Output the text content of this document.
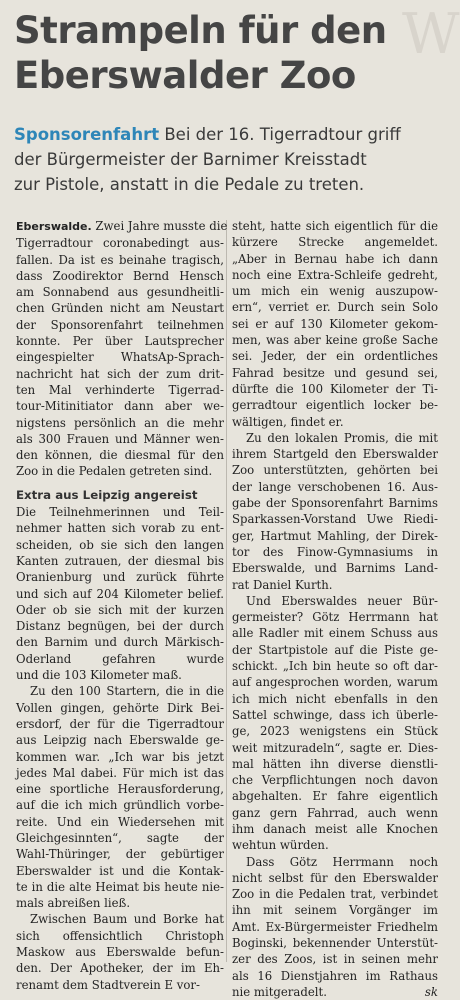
W
Strampeln für den
Eberswalder Zoo
Sponsorenfahrt Bei der 16. Tigerradtour griff
der Bürgermeister der Barnimer Kreisstadt
zur Pistole, anstatt in die Pedale zu treten.
Eberswalde. Zwei Jahre musste die
Tigerradtour coronabedingt aus-
fallen. Da ist es beinahe tragisch,
dass Zoodirektor Bernd Hensch
am Sonnabend aus gesundheitli-
chen Gründen nicht am Neustart
der Sponsorenfahrt teilnehmen
konnte. Per über Lautsprecher
eingespielter WhatsAp-Sprach-
nachricht hat sich der zum drit-
ten Mal verhinderte Tigerrad-
tour-Mitinitiator dann aber we-
nigstens persönlich an die mehr
als 300 Frauen und Männer wen-
den können, die diesmal für den
Zoo in die Pedalen getreten sind.
Extra aus Leipzig angereist
Die Teilnehmerinnen und Teil-
nehmer hatten sich vorab zu ent-
scheiden, ob sie sich den langen
Kanten zutrauen, der diesmal bis
Oranienburg und zurück führte
und sich auf 204 Kilometer belief.
Oder ob sie sich mit der kurzen
Distanz begnügen, bei der durch
den Barnim und durch Märkisch-
Oderland gefahren wurde
und die 103 Kilometer maß.
Zu den 100 Startern, die in die
Vollen gingen, gehörte Dirk Bei-
ersdorf, der für die Tigerradtour
aus Leipzig nach Eberswalde ge-
kommen war. „Ich war bis jetzt
jedes Mal dabei. Für mich ist das
eine sportliche Herausforderung,
auf die ich mich gründlich vorbe-
reite. Und ein Wiedersehen mit
Gleichgesinnten“, sagte der
Wahl-Thüringer, der gebürtiger
Eberswalder ist und die Kontak-
te in die alte Heimat bis heute nie-
mals abreißen ließ.
Zwischen Baum und Borke hat
sich offensichtlich Christoph
Maskow aus Eberswalde befun-
den. Der Apotheker, der im Eh-
renamt dem Stadtverein E vor-
steht, hatte sich eigentlich für die
kürzere Strecke angemeldet.
„Aber in Bernau habe ich dann
noch eine Extra-Schleife gedreht,
um mich ein wenig auszupow-
ern“, verriet er. Durch sein Solo
sei er auf 130 Kilometer gekom-
men, was aber keine große Sache
sei. Jeder, der ein ordentliches
Fahrad besitze und gesund sei,
dürfte die 100 Kilometer der Ti-
gerradtour eigentlich locker be-
wältigen, findet er.
Zu den lokalen Promis, die mit
ihrem Startgeld den Eberswalder
Zoo unterstützten, gehörten bei
der lange verschobenen 16. Aus-
gabe der Sponsorenfahrt Barnims
Sparkassen-Vorstand Uwe Riedi-
ger, Hartmut Mahling, der Direk-
tor des Finow-Gymnasiums in
Eberswalde, und Barnims Land-
rat Daniel Kurth.
Und Eberswaldes neuer Bür-
germeister? Götz Herrmann hat
alle Radler mit einem Schuss aus
der Startpistole auf die Piste ge-
schickt. „Ich bin heute so oft dar-
auf angesprochen worden, warum
ich mich nicht ebenfalls in den
Sattel schwinge, dass ich überle-
ge, 2023 wenigstens ein Stück
weit mitzuradeln“, sagte er. Dies-
mal hätten ihn diverse dienstli-
che Verpflichtungen noch davon
abgehalten. Er fahre eigentlich
ganz gern Fahrrad, auch wenn
ihm danach meist alle Knochen
wehtun würden.
Dass Götz Herrmann noch
nicht selbst für den Eberswalder
Zoo in die Pedalen trat, verbindet
ihn mit seinem Vorgänger im
Amt. Ex-Bürgermeister Friedhelm
Boginski, bekennender Unterstüt-
zer des Zoos, ist in seinen mehr
als 16 Dienstjahren im Rathaus
nie mitgeradelt.	sk
